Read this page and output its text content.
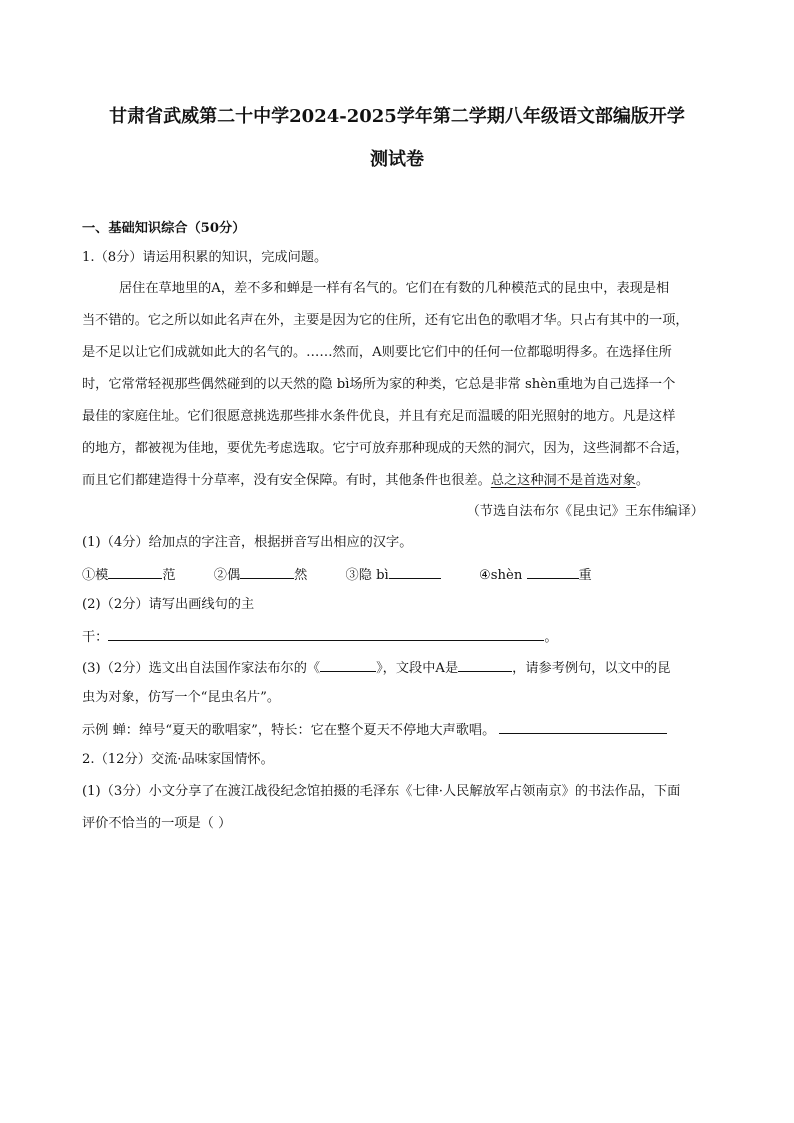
甘肃省武威第二十中学2024-2025学年第二学期八年级语文部编版开学
测试卷
一、基础知识综合（50分）
1.（8分）请运用积累的知识，完成问题。
居住在草地里的A，差不多和蝉是一样有名气的。它们在有数的几种模范式的昆虫中，表现是相
当不错的。它之所以如此名声在外，主要是因为它的住所，还有它出色的歌唱才华。只占有其中的一项，
是不足以让它们成就如此大的名气的。……然而，A则要比它们中的任何一位都聪明得多。在选择住所
时，它常常轻视那些偶然碰到的以天然的隐 bì场所为家的种类，它总是非常 shèn重地为自己选择一个
最佳的家庭住址。它们很愿意挑选那些排水条件优良，并且有充足而温暖的阳光照射的地方。凡是这样
的地方，都被视为佳地，要优先考虑选取。它宁可放弃那种现成的天然的洞穴，因为，这些洞都不合适，
而且它们都建造得十分草率，没有安全保障。有时，其他条件也很差。总之这种洞不是首选对象。
（节选自法布尔《昆虫记》王东伟编译）
(1)（4分）给加点的字注音，根据拼音写出相应的汉字。
①模	范	②偶	然	③隐 bì	④shèn	重
(2)（2分）请写出画线句的主
干：	。
(3)（2分）选文出自法国作家法布尔的《	》，文段中A是	，请参考例句，以文中的昆
虫为对象，仿写一个“昆虫名片”。
示例 蝉：绰号“夏天的歌唱家”，特长：它在整个夏天不停地大声歌唱。
2.（12分）交流·品味家国情怀。
(1)（3分）小文分享了在渡江战役纪念馆拍摄的毛泽东《七律·人民解放军占领南京》的书法作品，下面
评价不恰当的一项是（ ）
